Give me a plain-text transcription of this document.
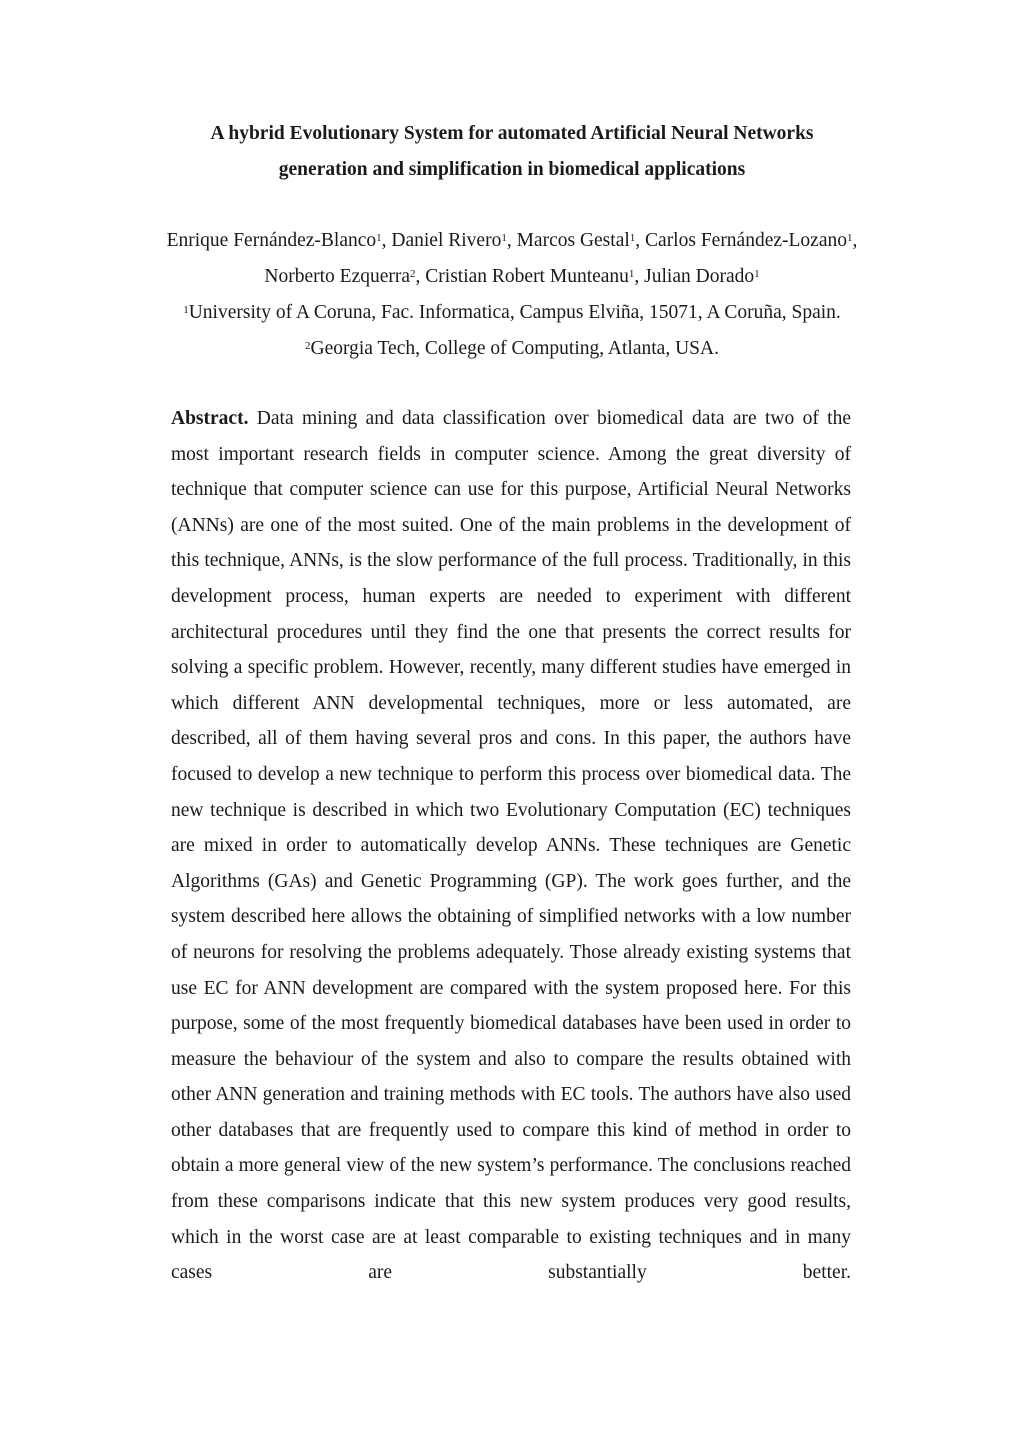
A hybrid Evolutionary System for automated Artificial Neural Networks
generation and simplification in biomedical applications
Enrique Fernández-Blanco$^1$, Daniel Rivero$^1$, Marcos Gestal$^1$, Carlos Fernández-Lozano$^1$, Norberto Ezquerra$^2$, Cristian Robert Munteanu$^1$, Julian Dorado$^1$
$^1$University of A Coruna, Fac. Informatica, Campus Elviña, 15071, A Coruña, Spain. $^2$Georgia Tech, College of Computing, Atlanta, USA.
Abstract. Data mining and data classification over biomedical data are two of the most important research fields in computer science. Among the great diversity of technique that computer science can use for this purpose, Artificial Neural Networks (ANNs) are one of the most suited. One of the main problems in the development of this technique, ANNs, is the slow performance of the full process. Traditionally, in this development process, human experts are needed to experiment with different architectural procedures until they find the one that presents the correct results for solving a specific problem. However, recently, many different studies have emerged in which different ANN developmental techniques, more or less automated, are described, all of them having several pros and cons. In this paper, the authors have focused to develop a new technique to perform this process over biomedical data. The new technique is described in which two Evolutionary Computation (EC) techniques are mixed in order to automatically develop ANNs. These techniques are Genetic Algorithms (GAs) and Genetic Programming (GP). The work goes further, and the system described here allows the obtaining of simplified networks with a low number of neurons for resolving the problems adequately. Those already existing systems that use EC for ANN development are compared with the system proposed here. For this purpose, some of the most frequently biomedical databases have been used in order to measure the behaviour of the system and also to compare the results obtained with other ANN generation and training methods with EC tools. The authors have also used other databases that are frequently used to compare this kind of method in order to obtain a more general view of the new system’s performance. The conclusions reached from these comparisons indicate that this new system produces very good results, which in the worst case are at least comparable to existing techniques and in many cases are substantially better.
